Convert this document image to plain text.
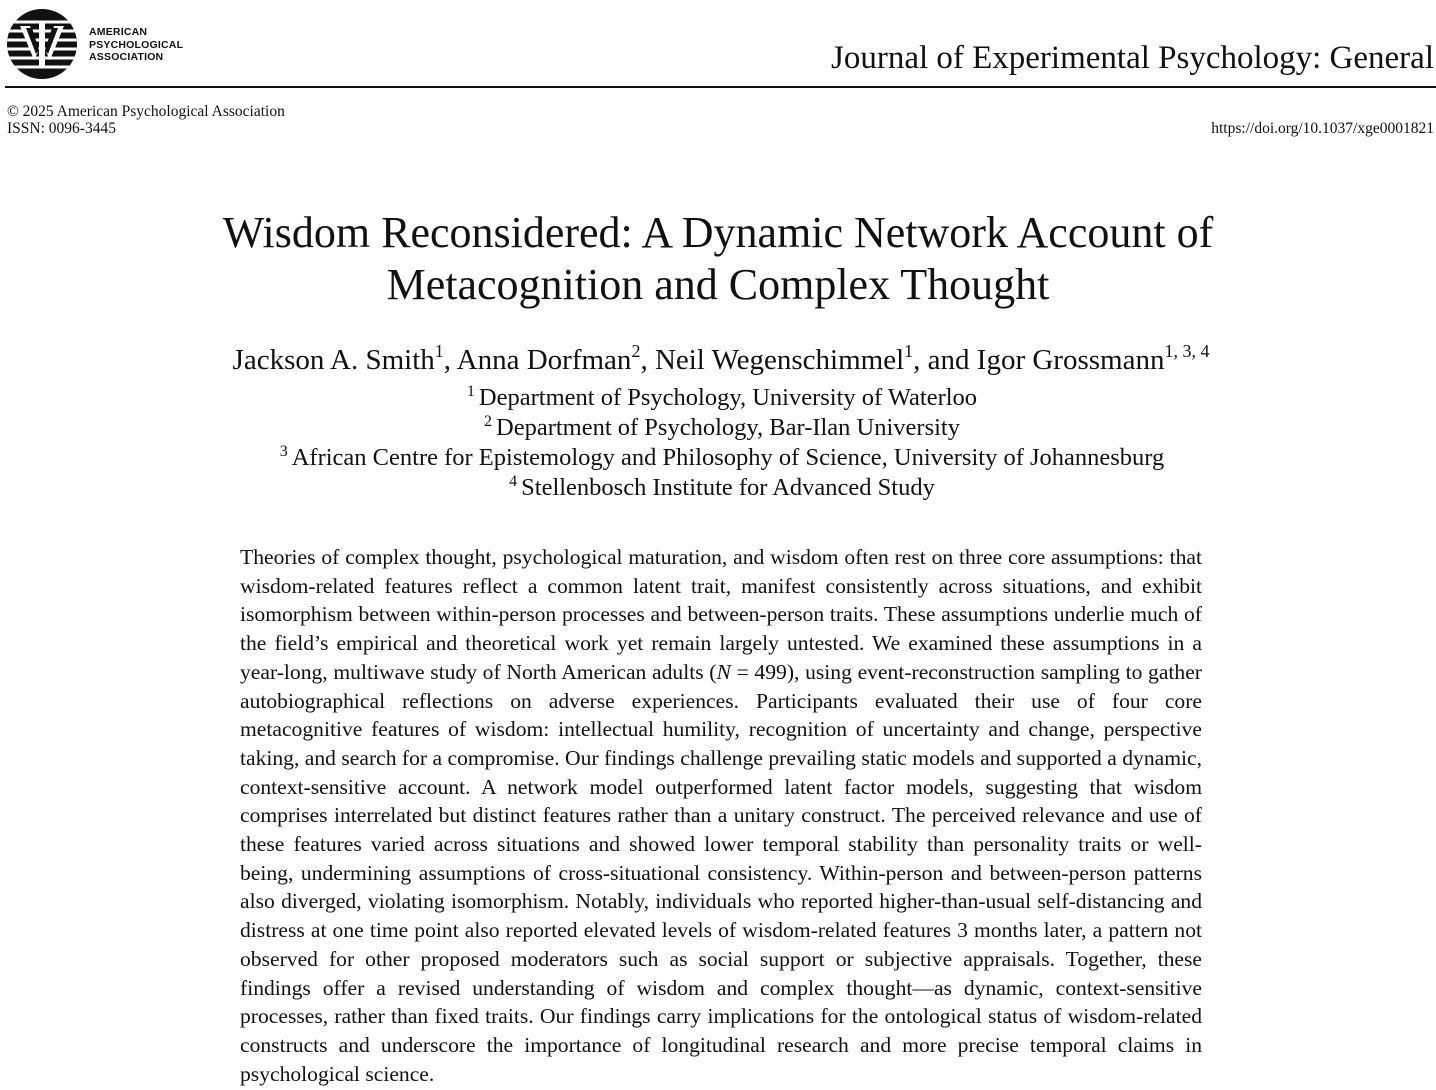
AMERICAN
PSYCHOLOGICAL
ASSOCIATION	Journal of Experimental Psychology: General
© 2025 American Psychological Association
ISSN: 0096-3445	https://doi.org/10.1037/xge0001821
Wisdom Reconsidered: A Dynamic Network Account of
Metacognition and Complex Thought
Jackson A. Smith$^1$, Anna Dorfman$^2$, Neil Wegenschimmel$^1$, and Igor Grossmann$^{1, 3, 4}$
$^1$ Department of Psychology, University of Waterloo
$^2$ Department of Psychology, Bar-Ilan University
$^3$ African Centre for Epistemology and Philosophy of Science, University of Johannesburg
$^4$ Stellenbosch Institute for Advanced Study

Theories of complex thought, psychological maturation, and wisdom often rest on three core assumptions: that wisdom-related features reflect a common latent trait, manifest consistently across situations, and exhibit isomorphism between within-person processes and between-person traits. These assumptions underlie much of the field’s empirical and theoretical work yet remain largely untested. We examined these assumptions in a year-long, multiwave study of North American adults (N = 499), using event-reconstruction sampling to gather autobiographical reflections on adverse experiences. Participants evaluated their use of four core metacognitive features of wisdom: intellectual humility, recognition of uncertainty and change, perspective taking, and search for a compromise. Our findings challenge prevailing static models and supported a dynamic, context-sensitive account. A network model outperformed latent factor models, suggesting that wisdom comprises interrelated but distinct features rather than a unitary construct. The perceived relevance and use of these features varied across situations and showed lower temporal stability than personality traits or well-being, undermining assumptions of cross-situational consistency. Within-person and between-person patterns also diverged, violating isomorphism. Notably, individuals who reported higher-than-usual self-distancing and distress at one time point also reported elevated levels of wisdom-related features 3 months later, a pattern not observed for other proposed moderators such as social support or subjective appraisals. Together, these findings offer a revised understanding of wisdom and complex thought—as dynamic, context-sensitive processes, rather than fixed traits. Our findings carry implications for the ontological status of wisdom-related constructs and underscore the importance of longitudinal research and more precise temporal claims in psychological science.
